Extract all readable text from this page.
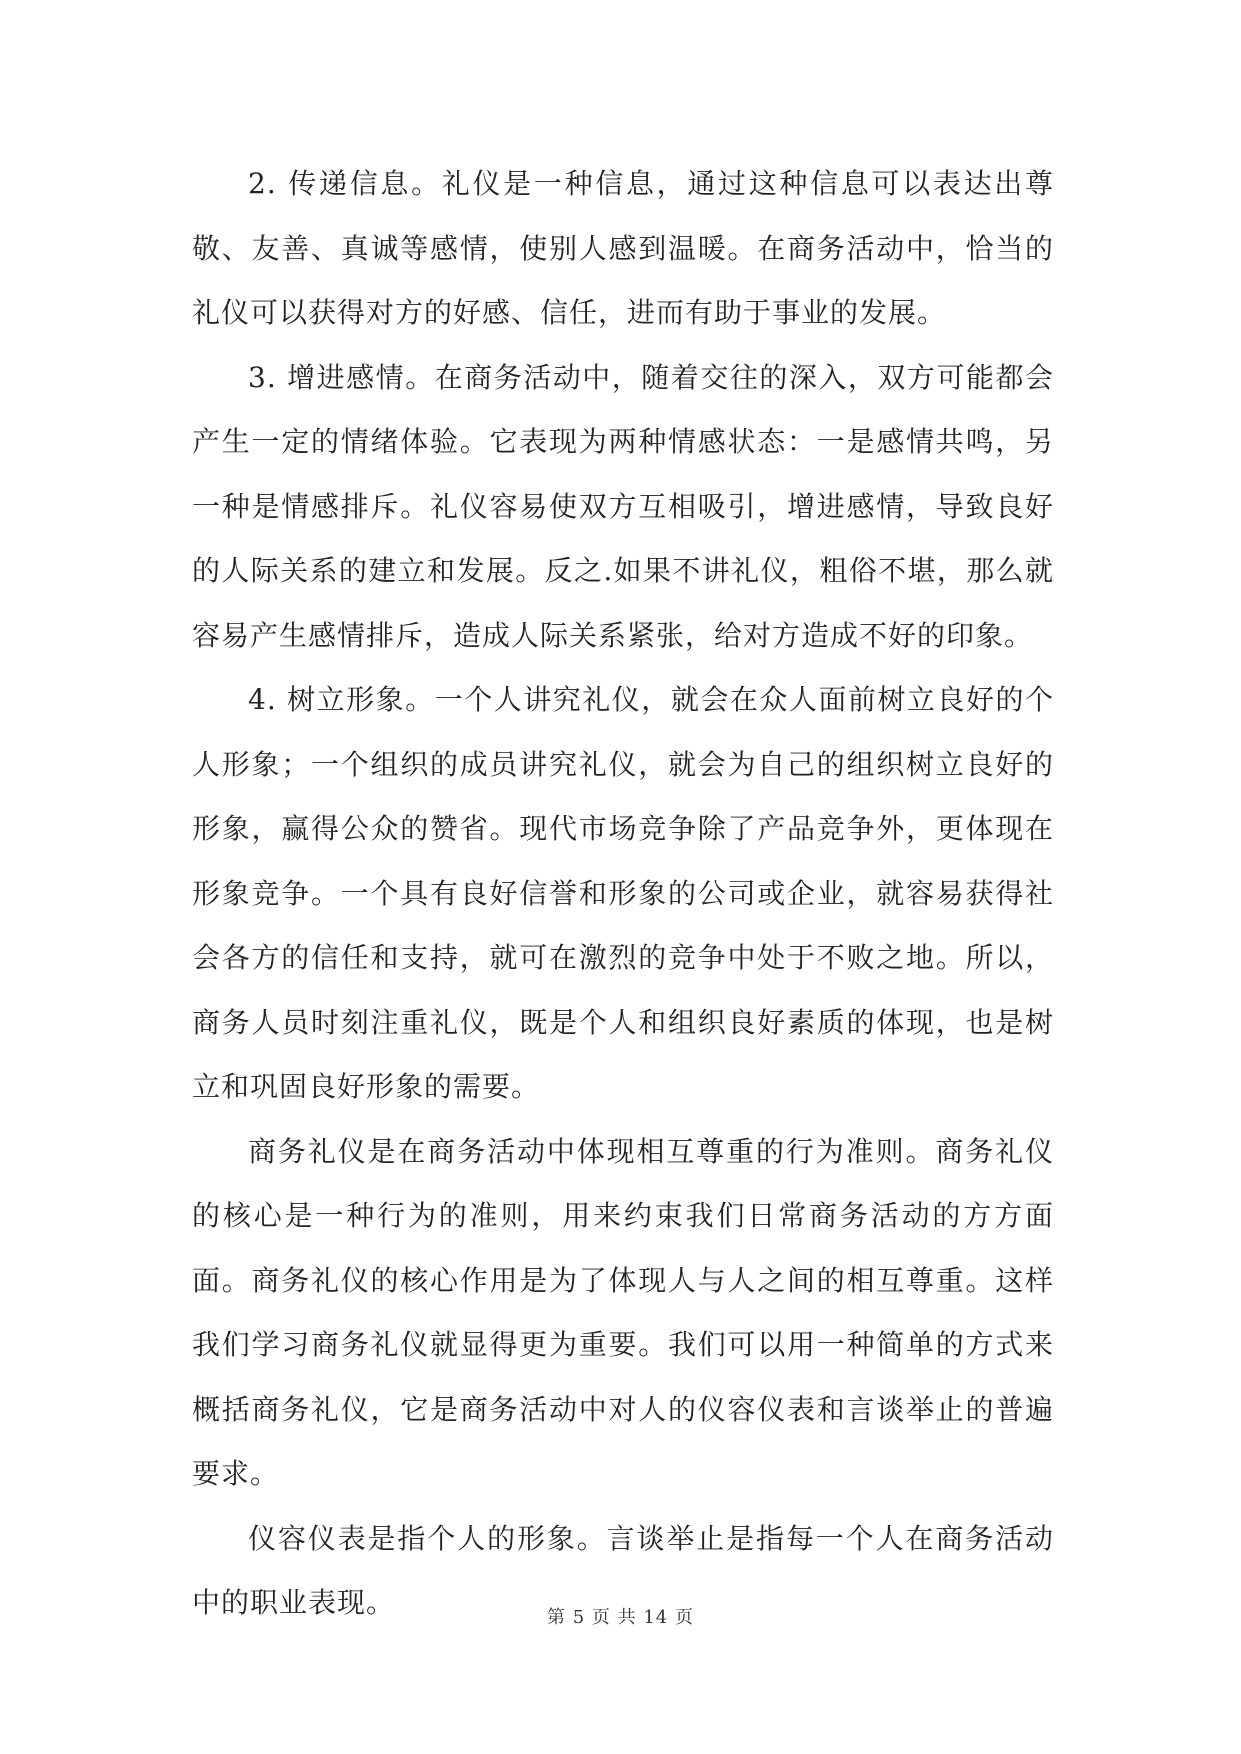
2. 传递信息。礼仪是一种信息，通过这种信息可以表达出尊敬、友善、真诚等感情，使别人感到温暖。在商务活动中，恰当的礼仪可以获得对方的好感、信任，进而有助于事业的发展。

3. 增进感情。在商务活动中，随着交往的深入，双方可能都会产生一定的情绪体验。它表现为两种情感状态：一是感情共鸣，另一种是情感排斥。礼仪容易使双方互相吸引，增进感情，导致良好的人际关系的建立和发展。反之.如果不讲礼仪，粗俗不堪，那么就容易产生感情排斥，造成人际关系紧张，给对方造成不好的印象。

4. 树立形象。一个人讲究礼仪，就会在众人面前树立良好的个人形象；一个组织的成员讲究礼仪，就会为自己的组织树立良好的形象，赢得公众的赞省。现代市场竞争除了产品竞争外，更体现在形象竞争。一个具有良好信誉和形象的公司或企业，就容易获得社会各方的信任和支持，就可在激烈的竞争中处于不败之地。所以，商务人员时刻注重礼仪，既是个人和组织良好素质的体现，也是树立和巩固良好形象的需要。

商务礼仪是在商务活动中体现相互尊重的行为准则。商务礼仪的核心是一种行为的准则，用来约束我们日常商务活动的方方面面。商务礼仪的核心作用是为了体现人与人之间的相互尊重。这样我们学习商务礼仪就显得更为重要。我们可以用一种简单的方式来概括商务礼仪，它是商务活动中对人的仪容仪表和言谈举止的普遍要求。

仪容仪表是指个人的形象。言谈举止是指每一个人在商务活动中的职业表现。	第 5 页 共 14 页
